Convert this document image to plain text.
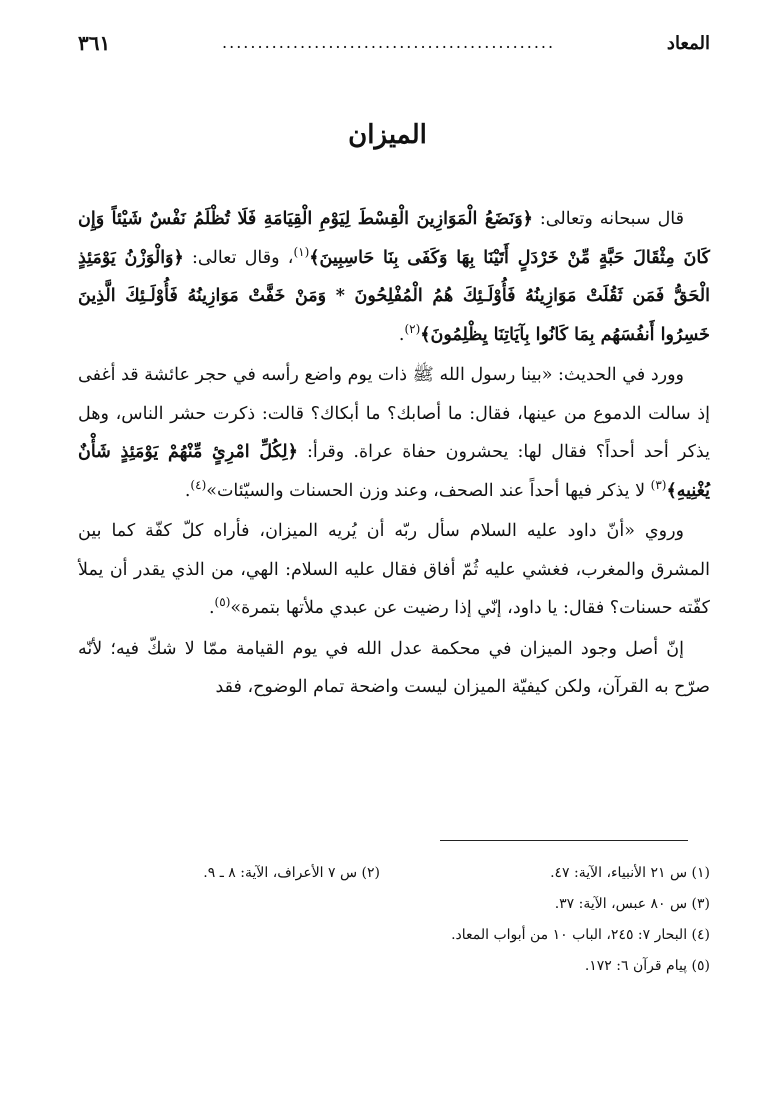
المعاد
...............................................
٣٦١
الميزان

قال سبحانه وتعالى: ﴿وَنَضَعُ الْمَوَازِينَ الْقِسْطَ لِيَوْمِ الْقِيَامَةِ فَلَا تُظْلَمُ نَفْسٌ شَيْئاً وَإِن كَانَ مِثْقَالَ حَبَّةٍ مِّنْ خَرْدَلٍ أَتَيْنَا بِهَا وَكَفَى بِنَا حَاسِبِينَ﴾$^{(١)}$، وقال تعالى: ﴿وَالْوَزْنُ يَوْمَئِذٍ الْحَقُّ فَمَن ثَقُلَتْ مَوَازِينُهُ فَأُوْلَـئِكَ هُمُ الْمُفْلِحُونَ * وَمَنْ خَفَّتْ مَوَازِينُهُ فَأُوْلَـئِكَ الَّذِينَ خَسِرُوا أَنفُسَهُم بِمَا كَانُوا بِآيَاتِنَا يِظْلِمُونَ﴾$^{(٢)}$.

وورد في الحديث: «بينا رسول الله ﷺ ذات يوم واضع رأسه في حجر عائشة قد أغفى إذ سالت الدموع من عينها، فقال: ما أصابك؟ ما أبكاك؟ قالت: ذكرت حشر الناس، وهل يذكر أحد أحداً؟ فقال لها: يحشرون حفاة عراة. وقرأ: ﴿لِكُلِّ امْرِئٍ مِّنْهُمْ يَوْمَئِذٍ شَأْنٌ يُغْنِيهِ﴾$^{(٣)}$ لا يذكر فيها أحداً عند الصحف، وعند وزن الحسنات والسيّئات»$^{(٤)}$.

وروي «أنّ داود عليه السلام سأل ربّه أن يُريه الميزان، فأراه كلّ كفّة كما بين المشرق والمغرب، فغشي عليه ثُمّ أفاق فقال عليه السلام: الهي، من الذي يقدر أن يملأ كفّته حسنات؟ فقال: يا داود، إنّي إذا رضيت عن عبدي ملأتها بتمرة»$^{(٥)}$.

إنّ أصل وجود الميزان في محكمة عدل الله في يوم القيامة ممّا لا شكّ فيه؛ لأنّه صرّح به القرآن، ولكن كيفيّة الميزان ليست واضحة تمام الوضوح، فقد

(١) س ٢١ الأنبياء، الآية: ٤٧.
(٢) س ٧ الأعراف، الآية: ٨ ـ ٩.
(٣) س ٨٠ عبس، الآية: ٣٧.
(٤) البحار ٧: ٢٤٥، الباب ١٠ من أبواب المعاد.
(٥) پيام قرآن ٦: ١٧٢.
